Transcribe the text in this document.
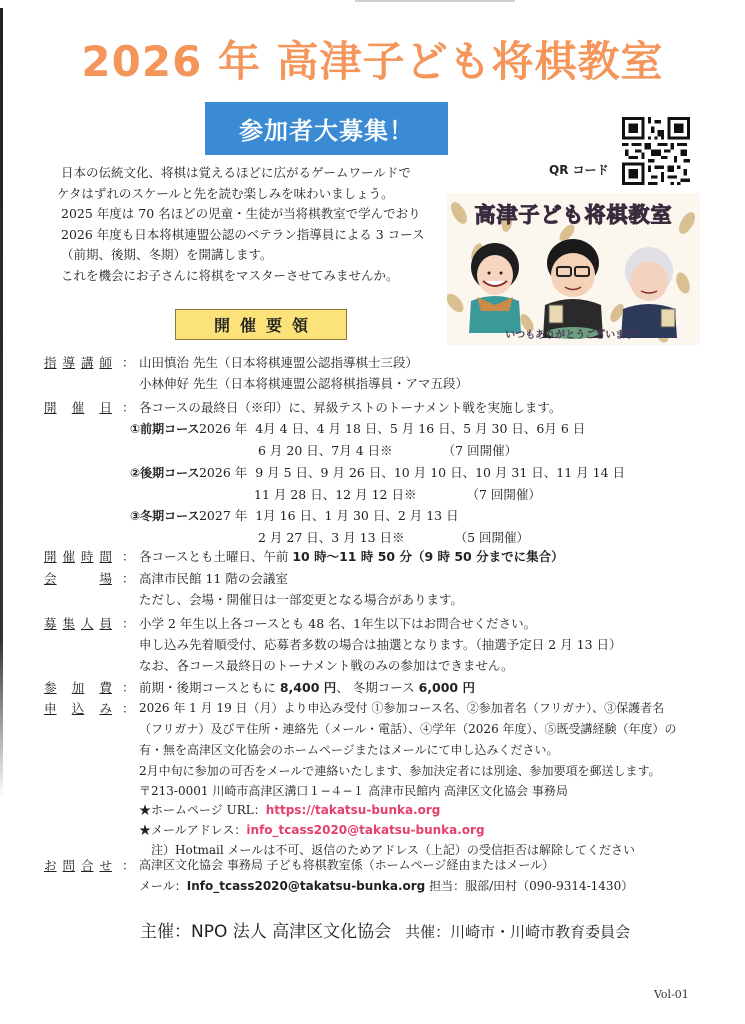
2026 年 高津子ども将棋教室
参加者大募集！
QR コード
日本の伝統文化、将棋は覚えるほどに広がるゲームワールドで
ケタはずれのスケールと先を読む楽しみを味わいましょう。
2025 年度は 70 名ほどの児童・生徒が当将棋教室で学んでおり
2026 年度も日本将棋連盟公認のベテラン指導員による 3 コース
（前期、後期、冬期）を開講します。
これを機会にお子さんに将棋をマスターさせてみませんか。
高津子ども将棋教室
いつもありがとうございます♪
開催要領
指 導 講 師 ： 山田慎治 先生（日本将棋連盟公認指導棋士三段）
小林伸好 先生（日本将棋連盟公認将棋指導員・アマ五段）
開 催 日 ： 各コースの最終日（※印）に、昇級テストのトーナメント戦を実施します。
①前期コース 2026 年 4月 4 日、4 月 18 日、5 月 16 日、5 月 30 日、6月 6 日
6 月 20 日、7月 4 日※	（7 回開催）
②後期コース 2026 年 9 月 5 日、9 月 26 日、10 月 10 日、10 月 31 日、11 月 14 日
11 月 28 日、12 月 12 日※	（7 回開催）
③冬期コース 2027 年 1月 16 日、1 月 30 日、2 月 13 日
2 月 27 日、3 月 13 日※	（5 回開催）
開 催 時 間 ： 各コースとも土曜日、午前 10 時〜11 時 50 分（9 時 50 分までに集合）
会	場 ： 高津市民館 11 階の会議室
ただし、会場・開催日は一部変更となる場合があります。
募 集 人 員 ： 小学 2 年生以上各コースとも 48 名、1年生以下はお問合せください。
申し込み先着順受付、応募者多数の場合は抽選となります。（抽選予定日 2 月 13 日）
なお、各コース最終日のトーナメント戦のみの参加はできません。
参 加 費 ： 前期・後期コースともに 8,400 円、 冬期コース 6,000 円
申 込 み ： 2026 年 1 月 19 日（月）より申込み受付 ①参加コース名、②参加者名（フリガナ）、③保護者名
（フリガナ）及び〒住所・連絡先（メール・電話）、④学年（2026 年度）、⑤既受講経験（年度）の
有・無を高津区文化協会のホームページまたはメールにて申し込みください。
2月中旬に参加の可否をメールで連絡いたします、参加決定者には別途、参加要項を郵送します。
〒213-0001 川崎市高津区溝口１−４−１ 高津市民館内 高津区文化協会 事務局
★ホームページ URL：https://takatsu-bunka.org
★メールアドレス：info_tcass2020@takatsu-bunka.org
注）Hotmail メールは不可、返信のためアドレス（上記）の受信拒否は解除してください
お 問 合 せ ： 高津区文化協会 事務局 子ども将棋教室係（ホームページ経由またはメール）
メール：Info_tcass2020@takatsu-bunka.org 担当：服部/田村（090-9314-1430）
主催：NPO 法人 高津区文化協会 共催：川崎市・川崎市教育委員会
Vol-01
